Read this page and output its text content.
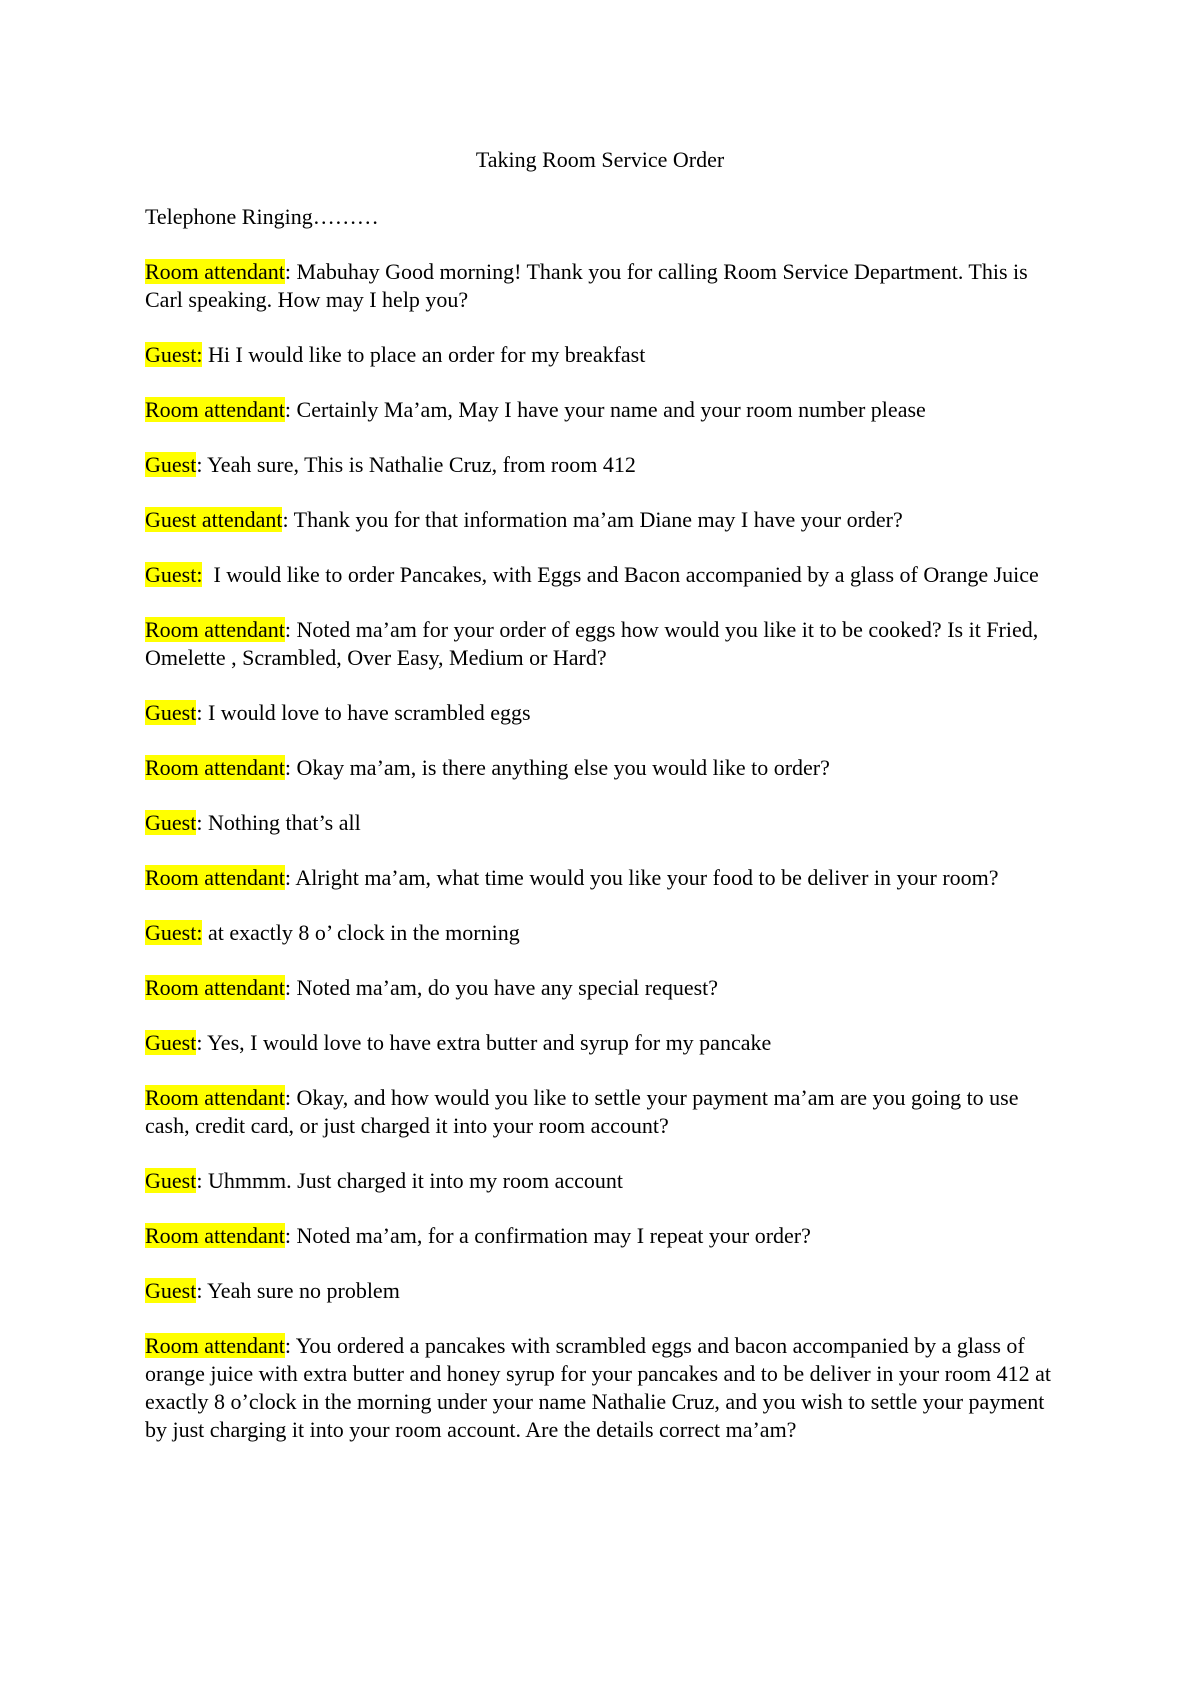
Taking Room Service Order

Telephone Ringing………

Room attendant: Mabuhay Good morning! Thank you for calling Room Service Department. This is Carl speaking. How may I help you?

Guest: Hi I would like to place an order for my breakfast

Room attendant: Certainly Ma’am, May I have your name and your room number please

Guest: Yeah sure, This is Nathalie Cruz, from room 412

Guest attendant: Thank you for that information ma’am Diane may I have your order?

Guest:  I would like to order Pancakes, with Eggs and Bacon accompanied by a glass of Orange Juice

Room attendant: Noted ma’am for your order of eggs how would you like it to be cooked? Is it Fried, Omelette , Scrambled, Over Easy, Medium or Hard?

Guest: I would love to have scrambled eggs

Room attendant: Okay ma’am, is there anything else you would like to order?

Guest: Nothing that’s all

Room attendant: Alright ma’am, what time would you like your food to be deliver in your room?

Guest: at exactly 8 o’ clock in the morning

Room attendant: Noted ma’am, do you have any special request?

Guest: Yes, I would love to have extra butter and syrup for my pancake

Room attendant: Okay, and how would you like to settle your payment ma’am are you going to use cash, credit card, or just charged it into your room account?

Guest: Uhmmm. Just charged it into my room account

Room attendant: Noted ma’am, for a confirmation may I repeat your order?

Guest: Yeah sure no problem

Room attendant: You ordered a pancakes with scrambled eggs and bacon accompanied by a glass of orange juice with extra butter and honey syrup for your pancakes and to be deliver in your room 412 at exactly 8 o’clock in the morning under your name Nathalie Cruz, and you wish to settle your payment by just charging it into your room account. Are the details correct ma’am?
